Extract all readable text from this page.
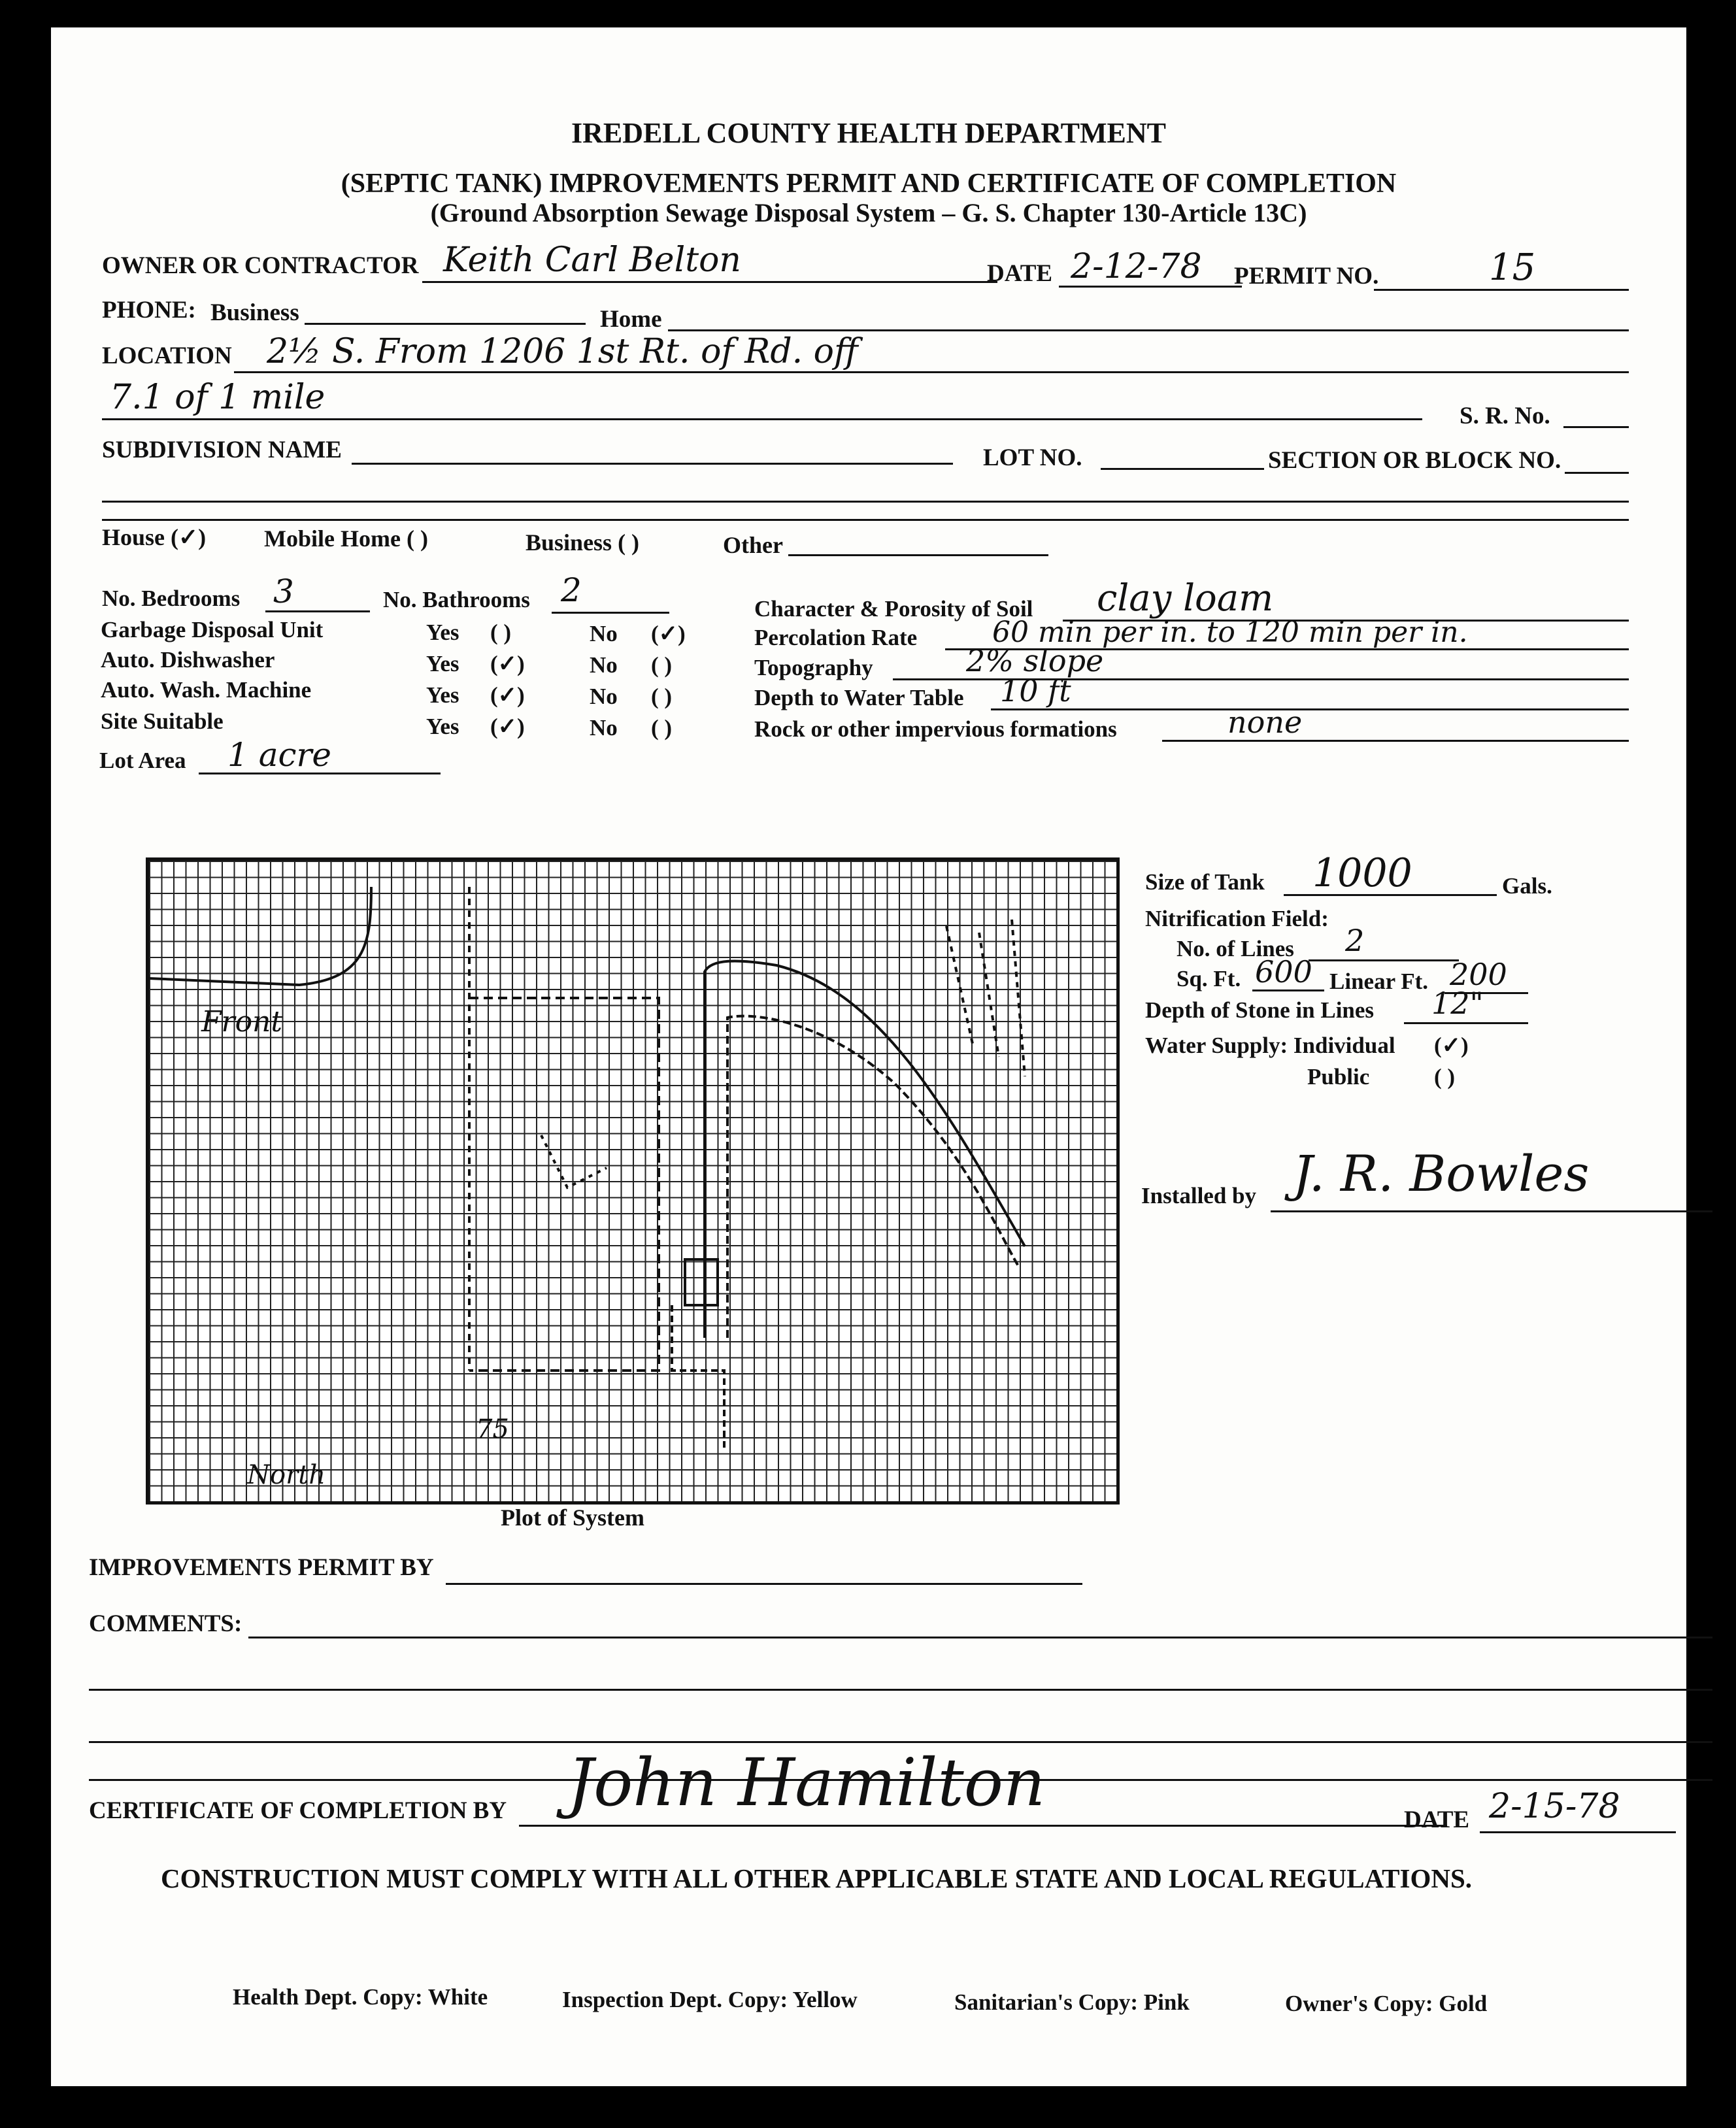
IREDELL COUNTY HEALTH DEPARTMENT
(SEPTIC TANK) IMPROVEMENTS PERMIT AND CERTIFICATE OF COMPLETION
(Ground Absorption Sewage Disposal System – G. S. Chapter 130-Article 13C)
OWNER OR CONTRACTOR Keith Carl Belton	DATE 2-12-78 PERMIT NO.	15
PHONE: Business	Home
LOCATION 2½ S. From 1206 1st Rt. of Rd. off
7.1 of 1 mile	S. R. No.
SUBDIVISION NAME	LOT NO.	SECTION OR BLOCK NO.
House (✓) Mobile Home ( )	Business ( )	Other
No. Bedrooms 3	No. Bathrooms 2
Garbage Disposal Unit	Yes ( )	No (✓)
Auto. Dishwasher	Yes (✓)	No ( )
Auto. Wash. Machine	Yes (✓)	No ( )
Site Suitable	Yes (✓)	No ( )
Lot Area 1 acre
Character & Porosity of Soil clay loam
Percolation Rate	60 min per in. to 120 min per in.
Topography	2% slope
Depth to Water Table 10 ft
Rock or other impervious formations	none
Front
75
North
Plot of System
Size of Tank 1000	Gals.
Nitrification Field:
No. of Lines 2
Sq. Ft. 600 Linear Ft. 200
Depth of Stone in Lines 12"
Water Supply: Individual (✓)
Public	( )
Installed by J. R. Bowles
IMPROVEMENTS PERMIT BY
COMMENTS:
CERTIFICATE OF COMPLETION BY John Hamilton	DATE 2-15-78
CONSTRUCTION MUST COMPLY WITH ALL OTHER APPLICABLE STATE AND LOCAL REGULATIONS.
Health Dept. Copy: White	Inspection Dept. Copy: Yellow	Sanitarian's Copy: Pink	Owner's Copy: Gold
